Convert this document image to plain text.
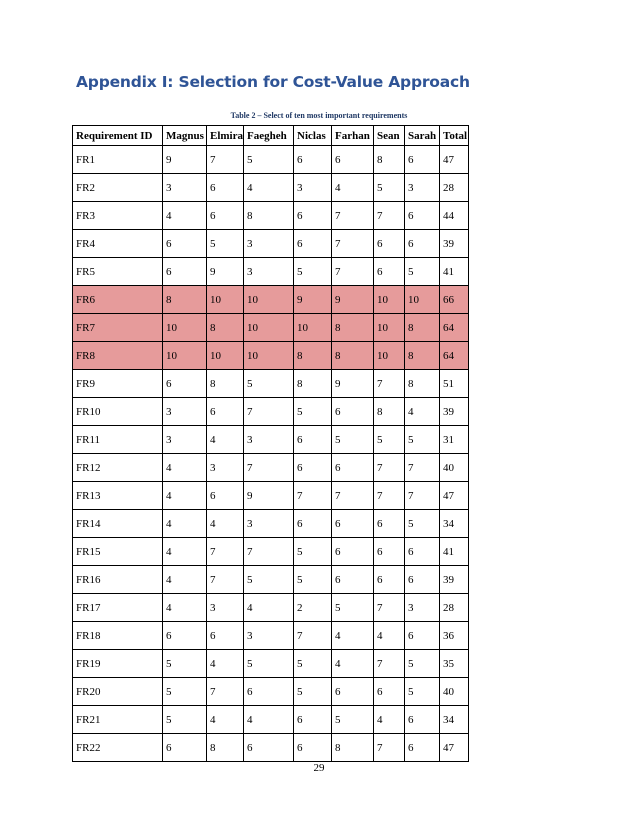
Appendix I: Selection for Cost-Value Approach
Table 2 – Select of ten most important requirements
Requirement ID	Magnus	Elmira	Faegheh	Niclas	Farhan	Sean	Sarah	Total
FR1	9	7	5	6	6	8	6	47
FR2	3	6	4	3	4	5	3	28
FR3	4	6	8	6	7	7	6	44
FR4	6	5	3	6	7	6	6	39
FR5	6	9	3	5	7	6	5	41
FR6	8	10	10	9	9	10	10	66
FR7	10	8	10	10	8	10	8	64
FR8	10	10	10	8	8	10	8	64
FR9	6	8	5	8	9	7	8	51
FR10	3	6	7	5	6	8	4	39
FR11	3	4	3	6	5	5	5	31
FR12	4	3	7	6	6	7	7	40
FR13	4	6	9	7	7	7	7	47
FR14	4	4	3	6	6	6	5	34
FR15	4	7	7	5	6	6	6	41
FR16	4	7	5	5	6	6	6	39
FR17	4	3	4	2	5	7	3	28
FR18	6	6	3	7	4	4	6	36
FR19	5	4	5	5	4	7	5	35
FR20	5	7	6	5	6	6	5	40
FR21	5	4	4	6	5	4	6	34
FR22	6	8	6	6	8	7	6	47
29
